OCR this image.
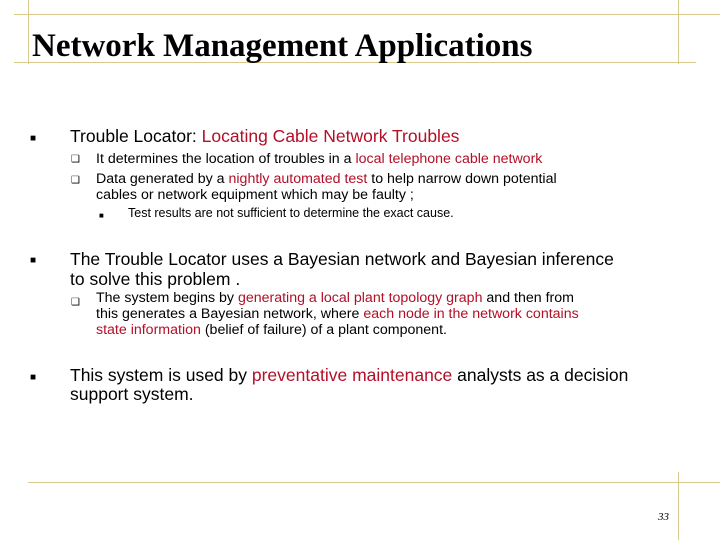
Network Management Applications
■ Trouble Locator: Locating Cable Network Troubles
❑ It determines the location of troubles in a local telephone cable network
❑ Data generated by a nightly automated test to help narrow down potential
cables or network equipment which may be faulty ;
■ Test results are not sufficient to determine the exact cause.
■ The Trouble Locator uses a Bayesian network and Bayesian inference
to solve this problem .
❑ The system begins by generating a local plant topology graph and then from
this generates a Bayesian network, where each node in the network contains
state information (belief of failure) of a plant component.
■ This system is used by preventative maintenance analysts as a decision
support system.
33
